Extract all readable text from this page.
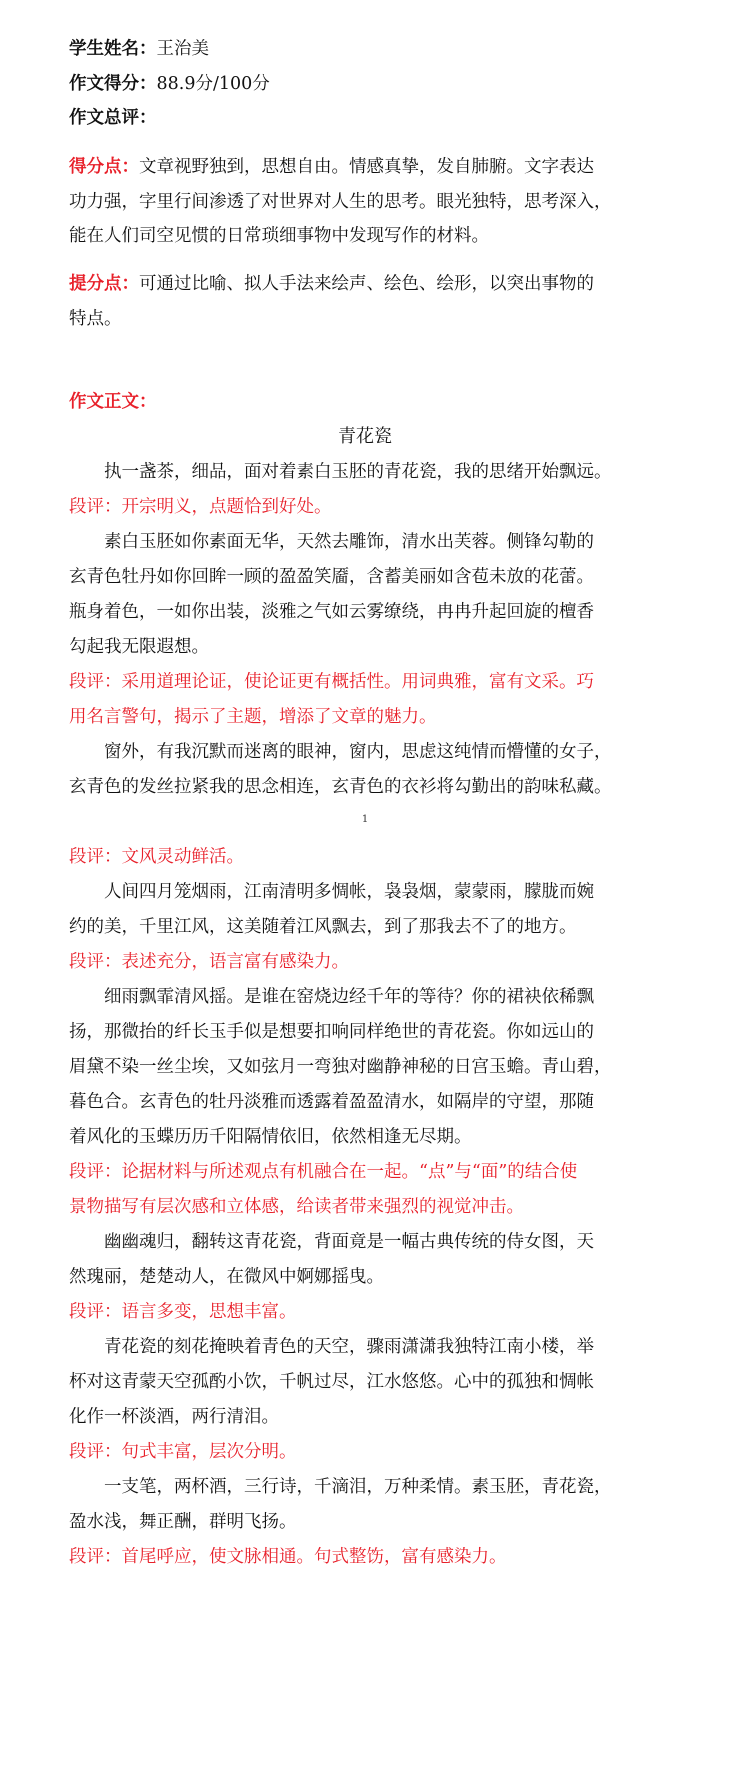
学生姓名：王治美
作文得分：88.9分/100分
作文总评：
得分点：文章视野独到，思想自由。情感真挚，发自肺腑。文字表达
功力强，字里行间渗透了对世界对人生的思考。眼光独特，思考深入，
能在人们司空见惯的日常琐细事物中发现写作的材料。
提分点：可通过比喻、拟人手法来绘声、绘色、绘形，以突出事物的
特点。
作文正文：
青花瓷
执一盏茶，细品，面对着素白玉胚的青花瓷，我的思绪开始飘远。
段评：开宗明义，点题恰到好处。
素白玉胚如你素面无华，天然去雕饰，清水出芙蓉。侧锋勾勒的
玄青色牡丹如你回眸一顾的盈盈笑靥，含蓄美丽如含苞未放的花蕾。
瓶身着色，一如你出装，淡雅之气如云雾缭绕，冉冉升起回旋的檀香
勾起我无限遐想。
段评：采用道理论证，使论证更有概括性。用词典雅，富有文采。巧
用名言警句，揭示了主题，增添了文章的魅力。
窗外，有我沉默而迷离的眼神，窗内，思虑这纯情而懵懂的女子，
玄青色的发丝拉紧我的思念相连，玄青色的衣衫将勾勤出的韵味私藏。
1
段评：文风灵动鲜活。
人间四月笼烟雨，江南清明多惆帐，袅袅烟，蒙蒙雨，朦胧而婉
约的美，千里江风，这美随着江风飘去，到了那我去不了的地方。
段评：表述充分，语言富有感染力。
细雨飘霏清风摇。是谁在窑烧边经千年的等待？你的裙袂依稀飘
扬，那微抬的纤长玉手似是想要扣响同样绝世的青花瓷。你如远山的
眉黛不染一丝尘埃，又如弦月一弯独对幽静神秘的日宫玉蟾。青山碧，
暮色合。玄青色的牡丹淡雅而透露着盈盈清水，如隔岸的守望，那随
着风化的玉蝶历历千阳隔情依旧，依然相逢无尽期。
段评：论据材料与所述观点有机融合在一起。“点”与“面”的结合使
景物描写有层次感和立体感，给读者带来强烈的视觉冲击。
幽幽魂归，翻转这青花瓷，背面竟是一幅古典传统的侍女图，天
然瑰丽，楚楚动人，在微风中婀娜摇曳。
段评：语言多变，思想丰富。
青花瓷的刻花掩映着青色的天空，骤雨潇潇我独特江南小楼，举
杯对这青蒙天空孤酌小饮，千帆过尽，江水悠悠。心中的孤独和惆帐
化作一杯淡酒，两行清泪。
段评：句式丰富，层次分明。
一支笔，两杯酒，三行诗，千滴泪，万种柔情。素玉胚，青花瓷，
盈水浅，舞正酬，群明飞扬。
段评：首尾呼应，使文脉相通。句式整饬，富有感染力。
